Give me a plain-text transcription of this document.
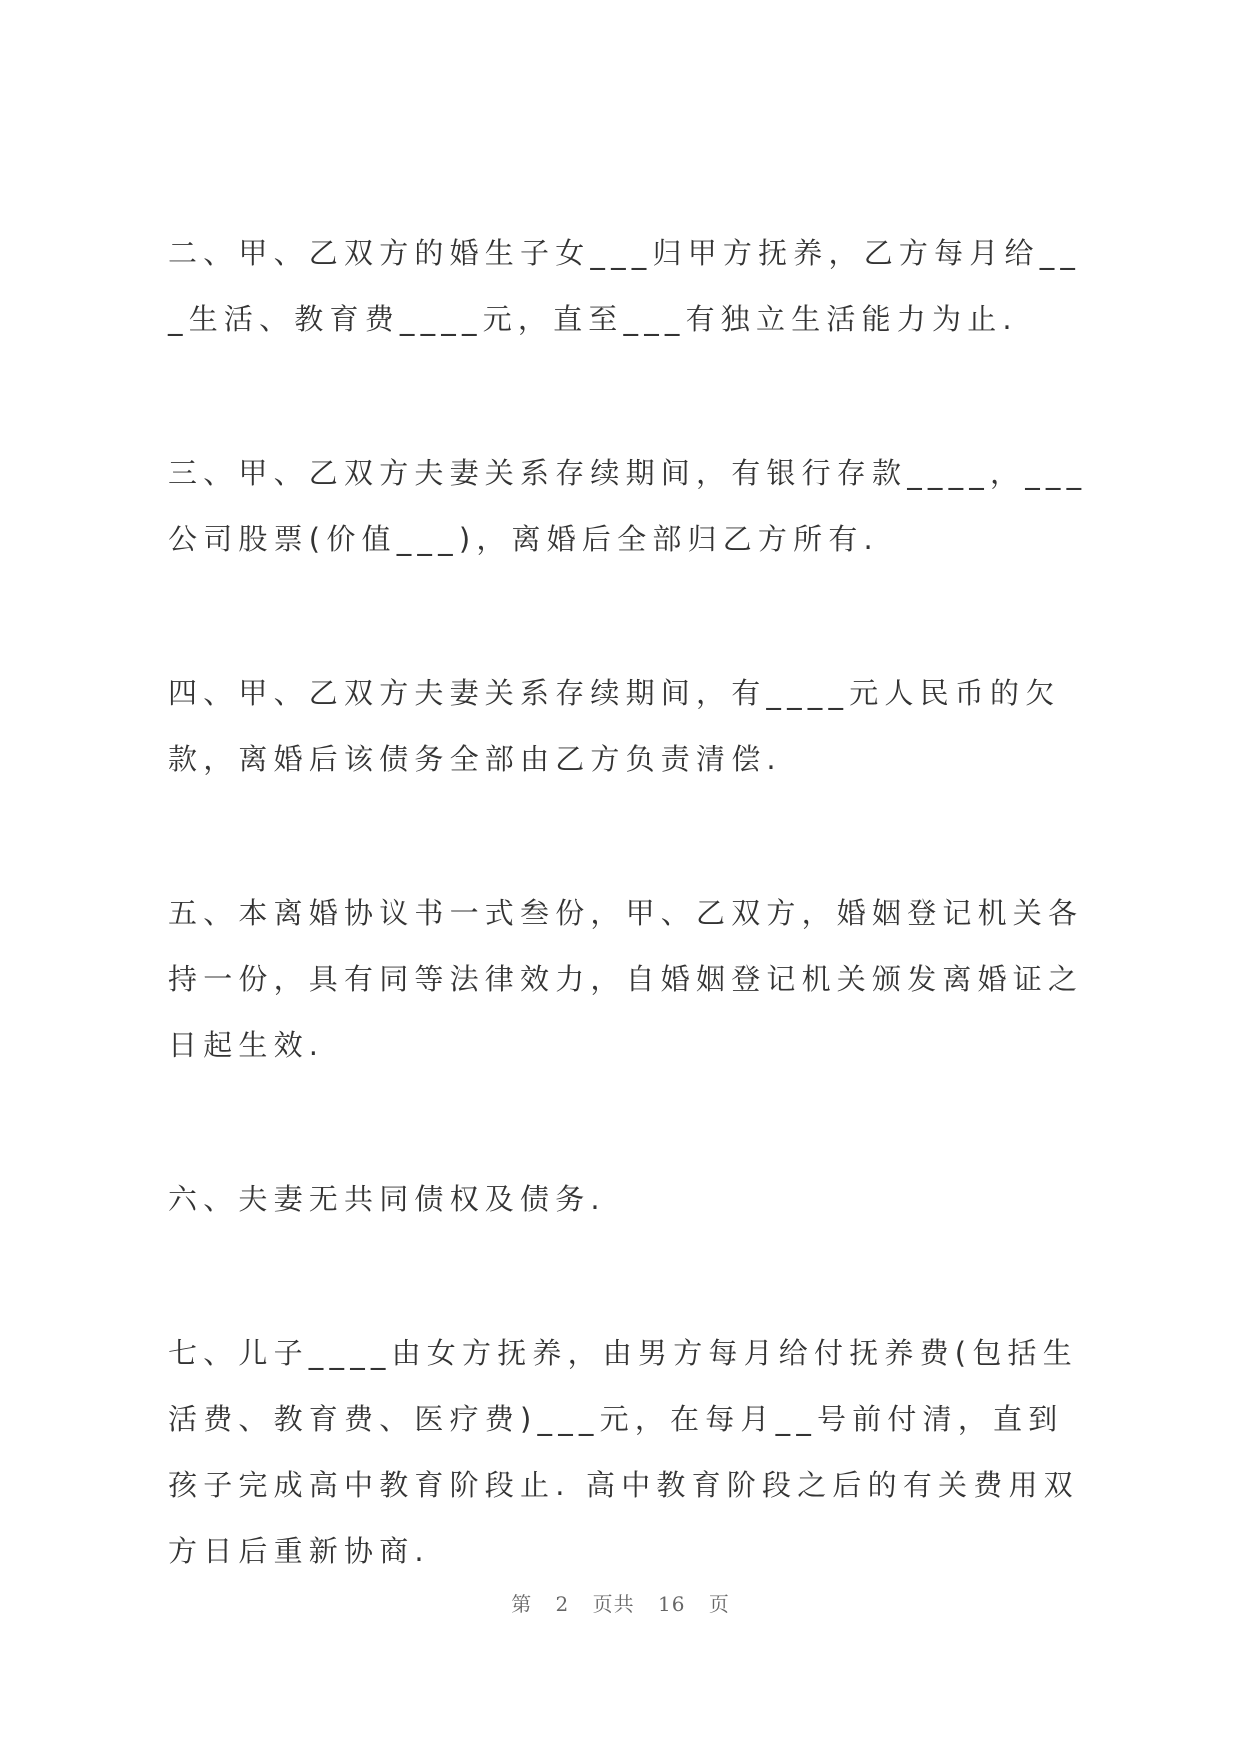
二、甲、乙双方的婚生子女___归甲方抚养，乙方每月给___生活、教育费____元，直至___有独立生活能力为止.

三、甲、乙双方夫妻关系存续期间，有银行存款____，___公司股票(价值___)，离婚后全部归乙方所有.

四、甲、乙双方夫妻关系存续期间，有____元人民币的欠款，离婚后该债务全部由乙方负责清偿.

五、本离婚协议书一式叁份，甲、乙双方，婚姻登记机关各持一份，具有同等法律效力，自婚姻登记机关颁发离婚证之日起生效.

六、夫妻无共同债权及债务.

七、儿子____由女方抚养，由男方每月给付抚养费(包括生活费、教育费、医疗费)___元，在每月__号前付清，直到孩子完成高中教育阶段止. 高中教育阶段之后的有关费用双方日后重新协商.

第 2 页共 16 页
